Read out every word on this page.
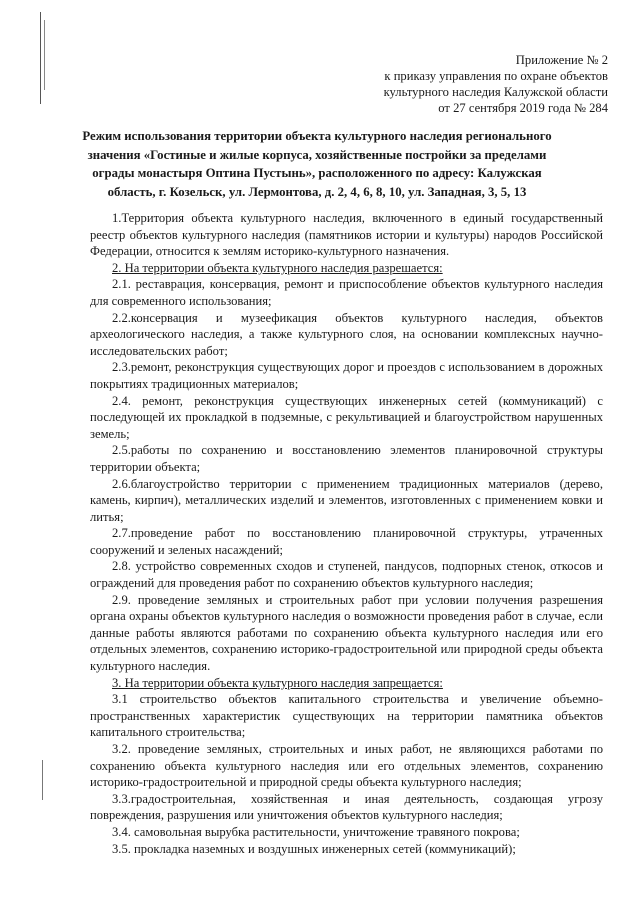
Приложение № 2
к приказу управления по охране объектов
культурного наследия Калужской области
от 27 сентября 2019 года № 284
Режим использования территории объекта культурного наследия регионального значения «Гостиные и жилые корпуса, хозяйственные постройки за пределами ограды монастыря Оптина Пустынь», расположенного по адресу: Калужская область, г. Козельск, ул. Лермонтова, д. 2, 4, 6, 8, 10, ул. Западная, 3, 5, 13

1.Территория объекта культурного наследия, включенного в единый государственный реестр объектов культурного наследия (памятников истории и культуры) народов Российской Федерации, относится к землям историко-культурного назначения.

2. На территории объекта культурного наследия разрешается:

2.1. реставрация, консервация, ремонт и приспособление объектов культурного наследия для современного использования;

2.2.консервация и музеефикация объектов культурного наследия, объектов археологического наследия, а также культурного слоя, на основании комплексных научно-исследовательских работ;

2.3.ремонт, реконструкция существующих дорог и проездов с использованием в дорожных покрытиях традиционных материалов;

2.4. ремонт, реконструкция существующих инженерных сетей (коммуникаций) с последующей их прокладкой в подземные, с рекультивацией и благоустройством нарушенных земель;

2.5.работы по сохранению и восстановлению элементов планировочной структуры территории объекта;

2.6.благоустройство территории с применением традиционных материалов (дерево, камень, кирпич), металлических изделий и элементов, изготовленных с применением ковки и литья;

2.7.проведение работ по восстановлению планировочной структуры, утраченных сооружений и зеленых насаждений;

2.8. устройство современных сходов и ступеней, пандусов, подпорных стенок, откосов и ограждений для проведения работ по сохранению объектов культурного наследия;

2.9. проведение земляных и строительных работ при условии получения разрешения органа охраны объектов культурного наследия о возможности проведения работ в случае, если данные работы являются работами по сохранению объекта культурного наследия или его отдельных элементов, сохранению историко-градостроительной или природной среды объекта культурного наследия.

3. На территории объекта культурного наследия запрещается:

3.1 строительство объектов капитального строительства и увеличение объемно-пространственных характеристик существующих на территории памятника объектов капитального строительства;

3.2. проведение земляных, строительных и иных работ, не являющихся работами по сохранению объекта культурного наследия или его отдельных элементов, сохранению историко-градостроительной и природной среды объекта культурного наследия;

3.3.градостроительная, хозяйственная и иная деятельность, создающая угрозу повреждения, разрушения или уничтожения объектов культурного наследия;

3.4. самовольная вырубка растительности, уничтожение травяного покрова;

3.5. прокладка наземных и воздушных инженерных сетей (коммуникаций);
